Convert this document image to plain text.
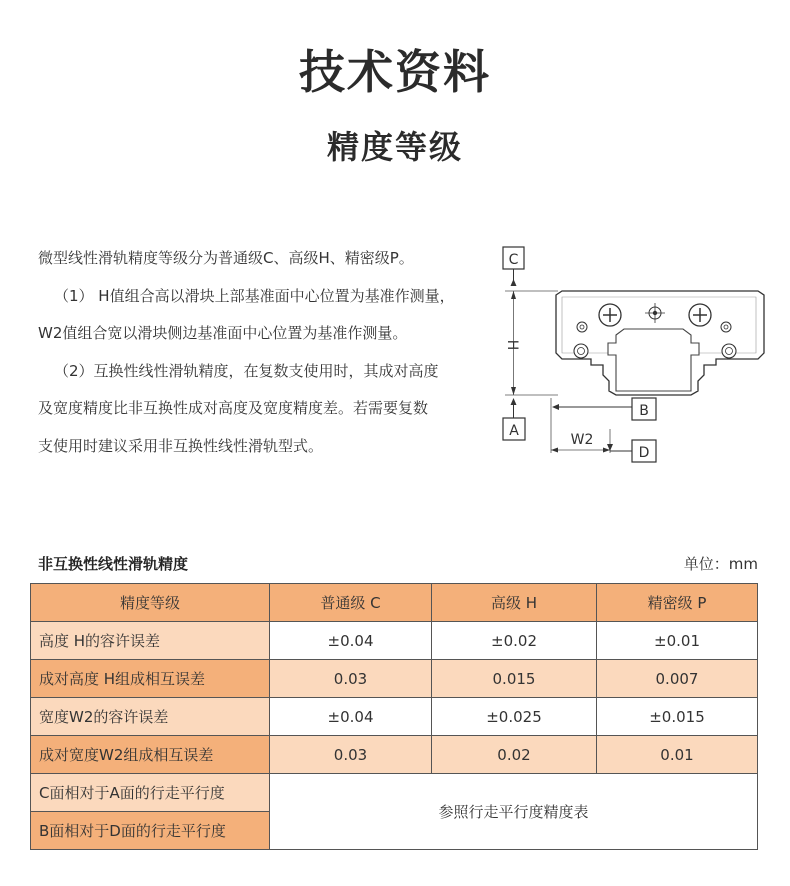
技术资料
精度等级

微型线性滑轨精度等级分为普通级C、高级H、精密级P。

（1） H值组合高以滑块上部基准面中心位置为基准作测量，

W2值组合宽以滑块侧边基准面中心位置为基准作测量。

（2）互换性线性滑轨精度，在复数支使用时，其成对高度

及宽度精度比非互换性成对高度及宽度精度差。若需要复数

支使用时建议采用非互换性线性滑轨型式。

C
H
A
B
W2
D
非互换性线性滑轨精度	单位：mm
精度等级	普通级 C	高级 H	精密级 P
高度 H的容许误差	±0.04	±0.02	±0.01
成对高度 H组成相互误差	0.03	0.015	0.007
宽度W2的容许误差	±0.04	±0.025	±0.015
成对宽度W2组成相互误差	0.03	0.02	0.01
C面相对于A面的行走平行度	参照行走平行度精度表		
B面相对于D面的行走平行度			
